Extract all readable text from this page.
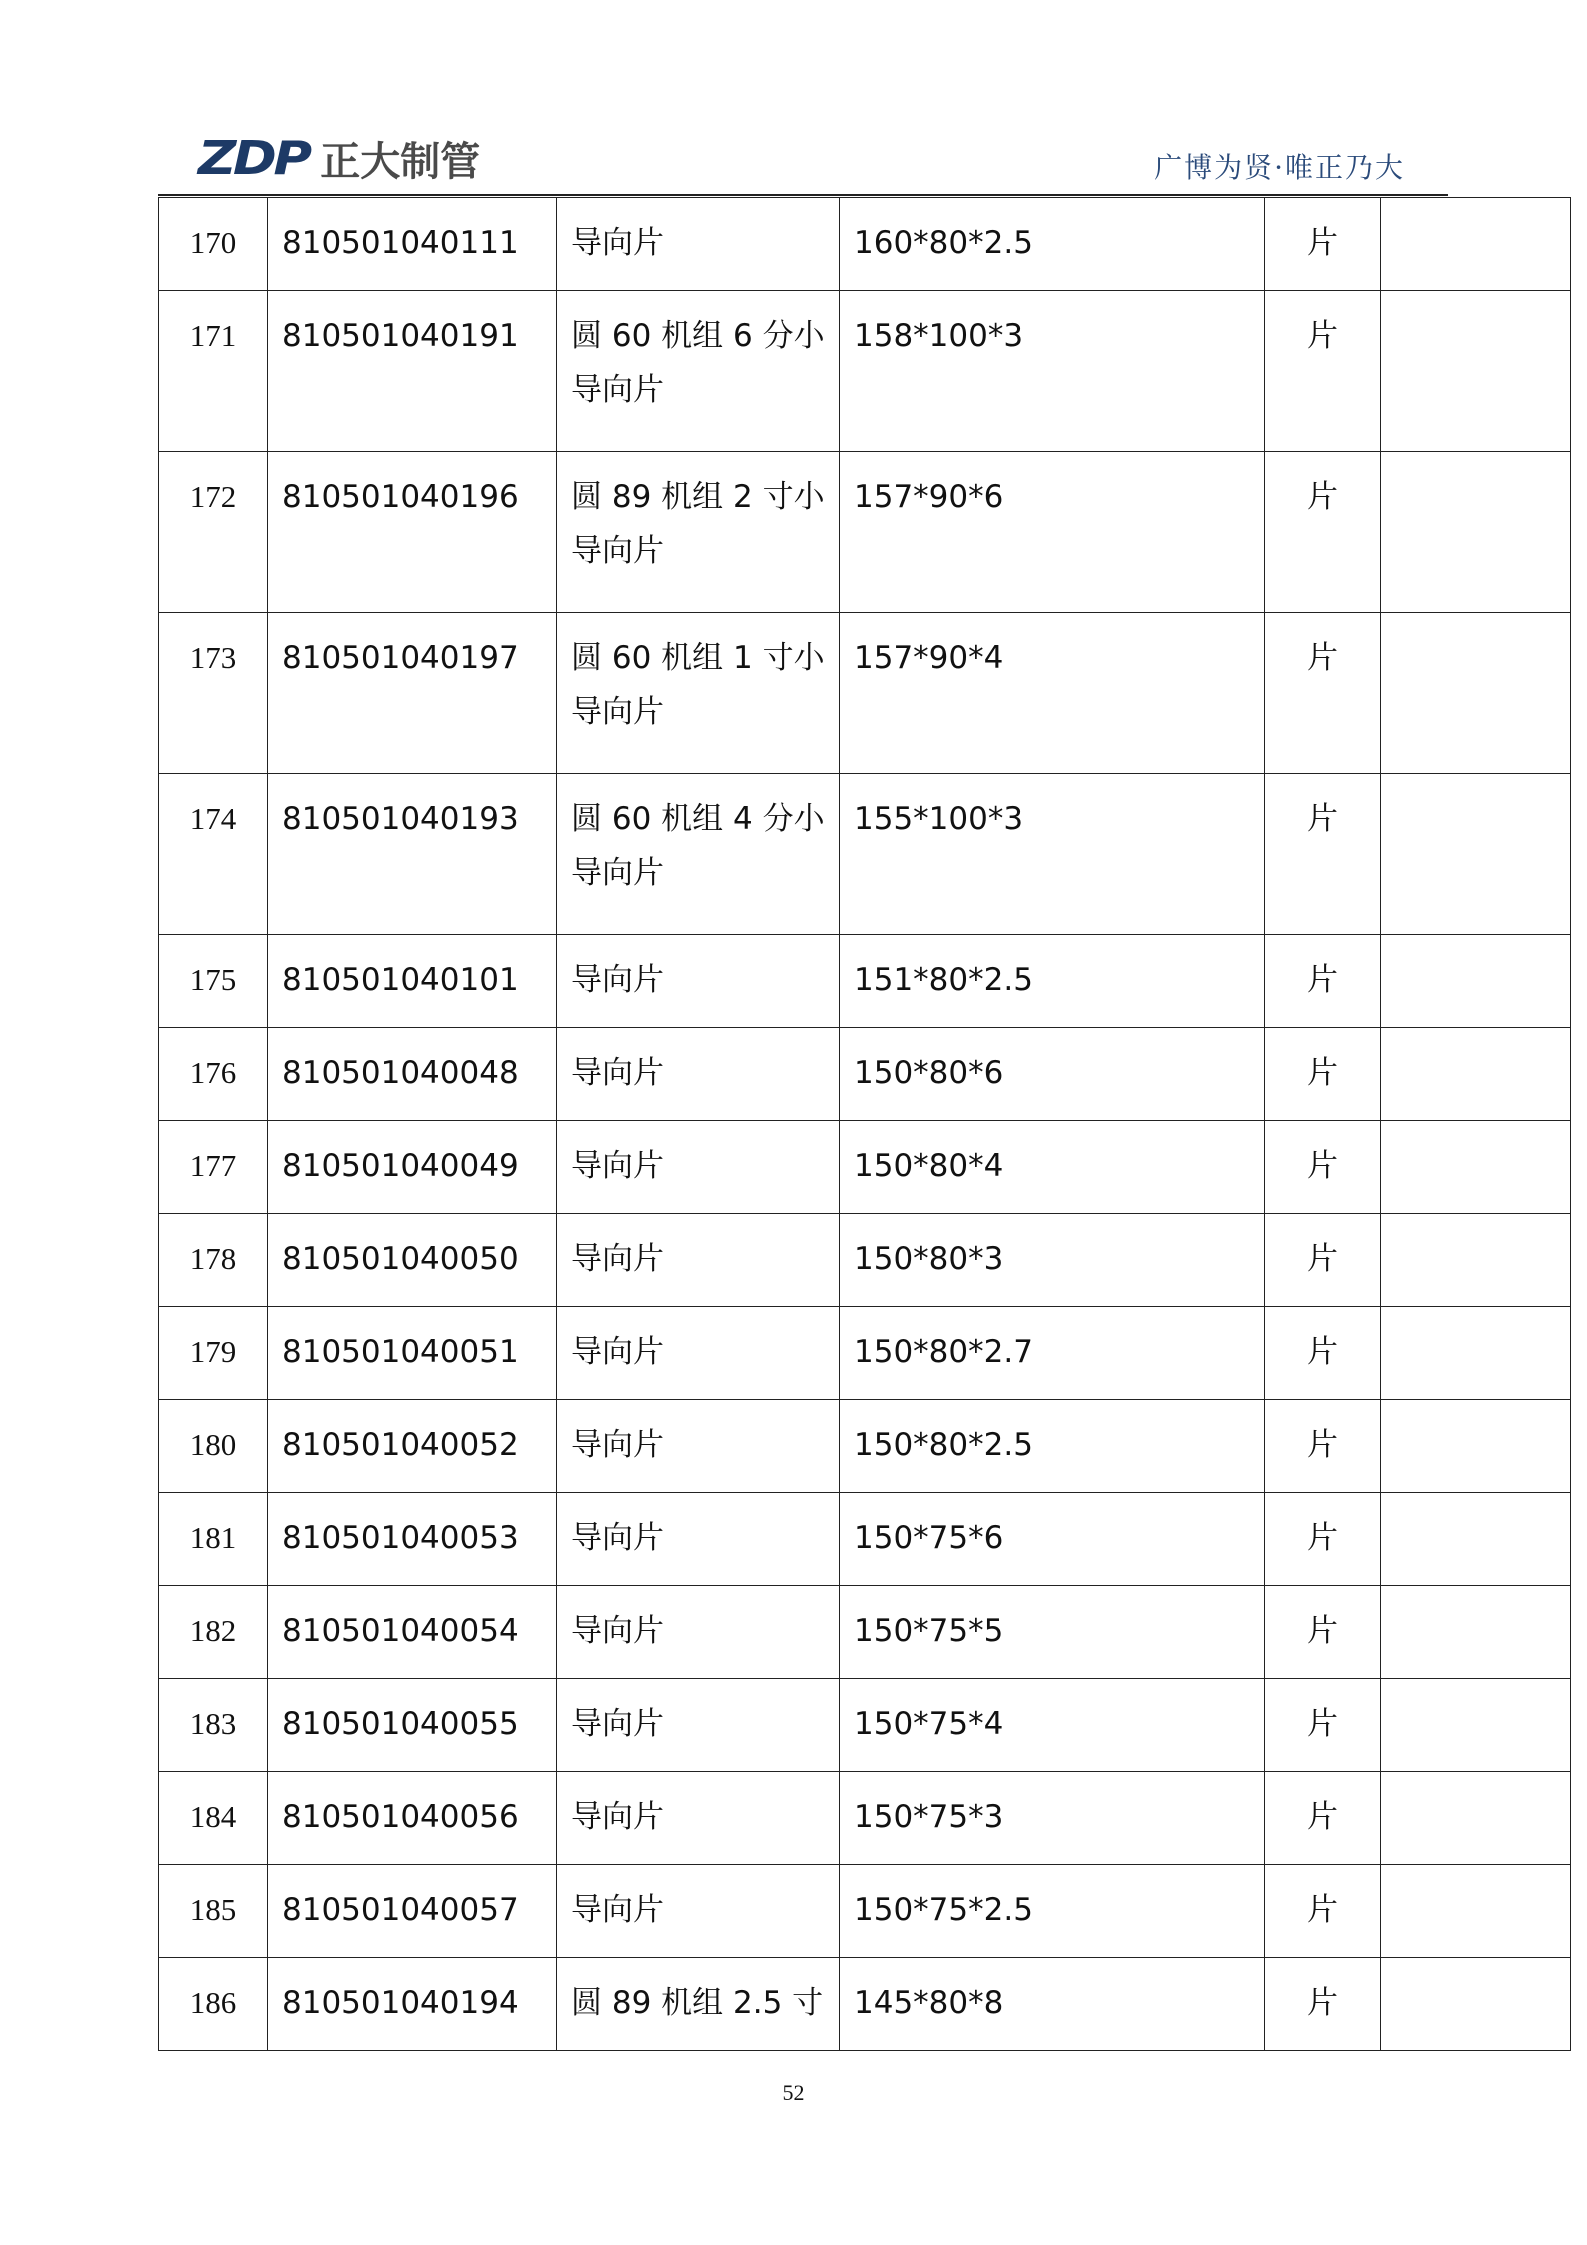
ZDP 正大制管	广博为贤·唯正乃大
170	810501040111	导向片	160*80*2.5	片	
171	810501040191	圆 60 机组 6 分小导向片	158*100*3	片	
172	810501040196	圆 89 机组 2 寸小导向片	157*90*6	片	
173	810501040197	圆 60 机组 1 寸小导向片	157*90*4	片	
174	810501040193	圆 60 机组 4 分小导向片	155*100*3	片	
175	810501040101	导向片	151*80*2.5	片	
176	810501040048	导向片	150*80*6	片	
177	810501040049	导向片	150*80*4	片	
178	810501040050	导向片	150*80*3	片	
179	810501040051	导向片	150*80*2.7	片	
180	810501040052	导向片	150*80*2.5	片	
181	810501040053	导向片	150*75*6	片	
182	810501040054	导向片	150*75*5	片	
183	810501040055	导向片	150*75*4	片	
184	810501040056	导向片	150*75*3	片	
185	810501040057	导向片	150*75*2.5	片	
186	810501040194	圆 89 机组 2.5 寸	145*80*8	片	
52
